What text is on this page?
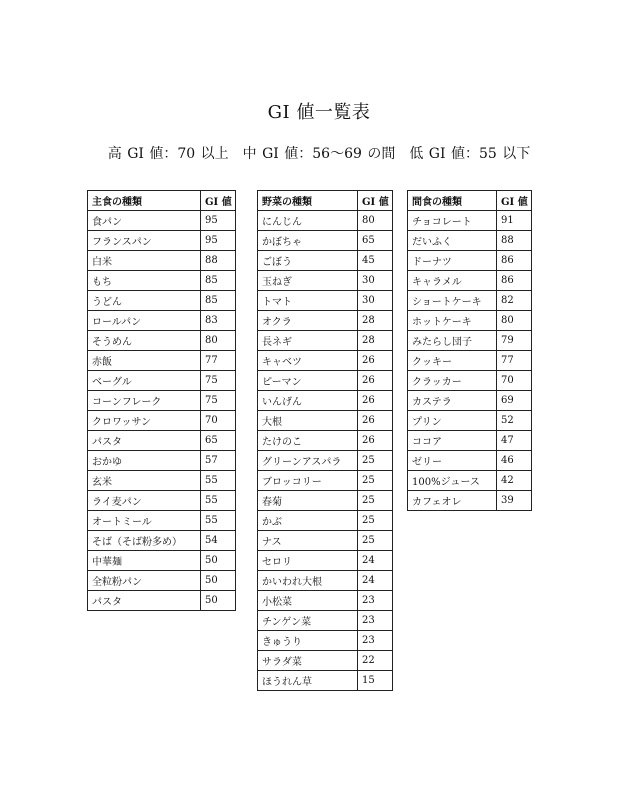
GI 値一覧表
高 GI 値：70 以上　中 GI 値：56〜69 の間　低 GI 値：55 以下
主食の種類	GI 値
食パン	95
フランスパン	95
白米	88
もち	85
うどん	85
ロールパン	83
そうめん	80
赤飯	77
ベーグル	75
コーンフレーク	75
クロワッサン	70
パスタ	65
おかゆ	57
玄米	55
ライ麦パン	55
オートミール	55
そば（そば粉多め）	54
中華麺	50
全粒粉パン	50
パスタ	50
野菜の種類	GI 値
にんじん	80
かぼちゃ	65
ごぼう	45
玉ねぎ	30
トマト	30
オクラ	28
長ネギ	28
キャベツ	26
ピーマン	26
いんげん	26
大根	26
たけのこ	26
グリーンアスパラ	25
ブロッコリー	25
春菊	25
かぶ	25
ナス	25
セロリ	24
かいわれ大根	24
小松菜	23
チンゲン菜	23
きゅうり	23
サラダ菜	22
ほうれん草	15
間食の種類	GI 値
チョコレート	91
だいふく	88
ドーナツ	86
キャラメル	86
ショートケーキ	82
ホットケーキ	80
みたらし団子	79
クッキー	77
クラッカー	70
カステラ	69
プリン	52
ココア	47
ゼリー	46
100%ジュース	42
カフェオレ	39
